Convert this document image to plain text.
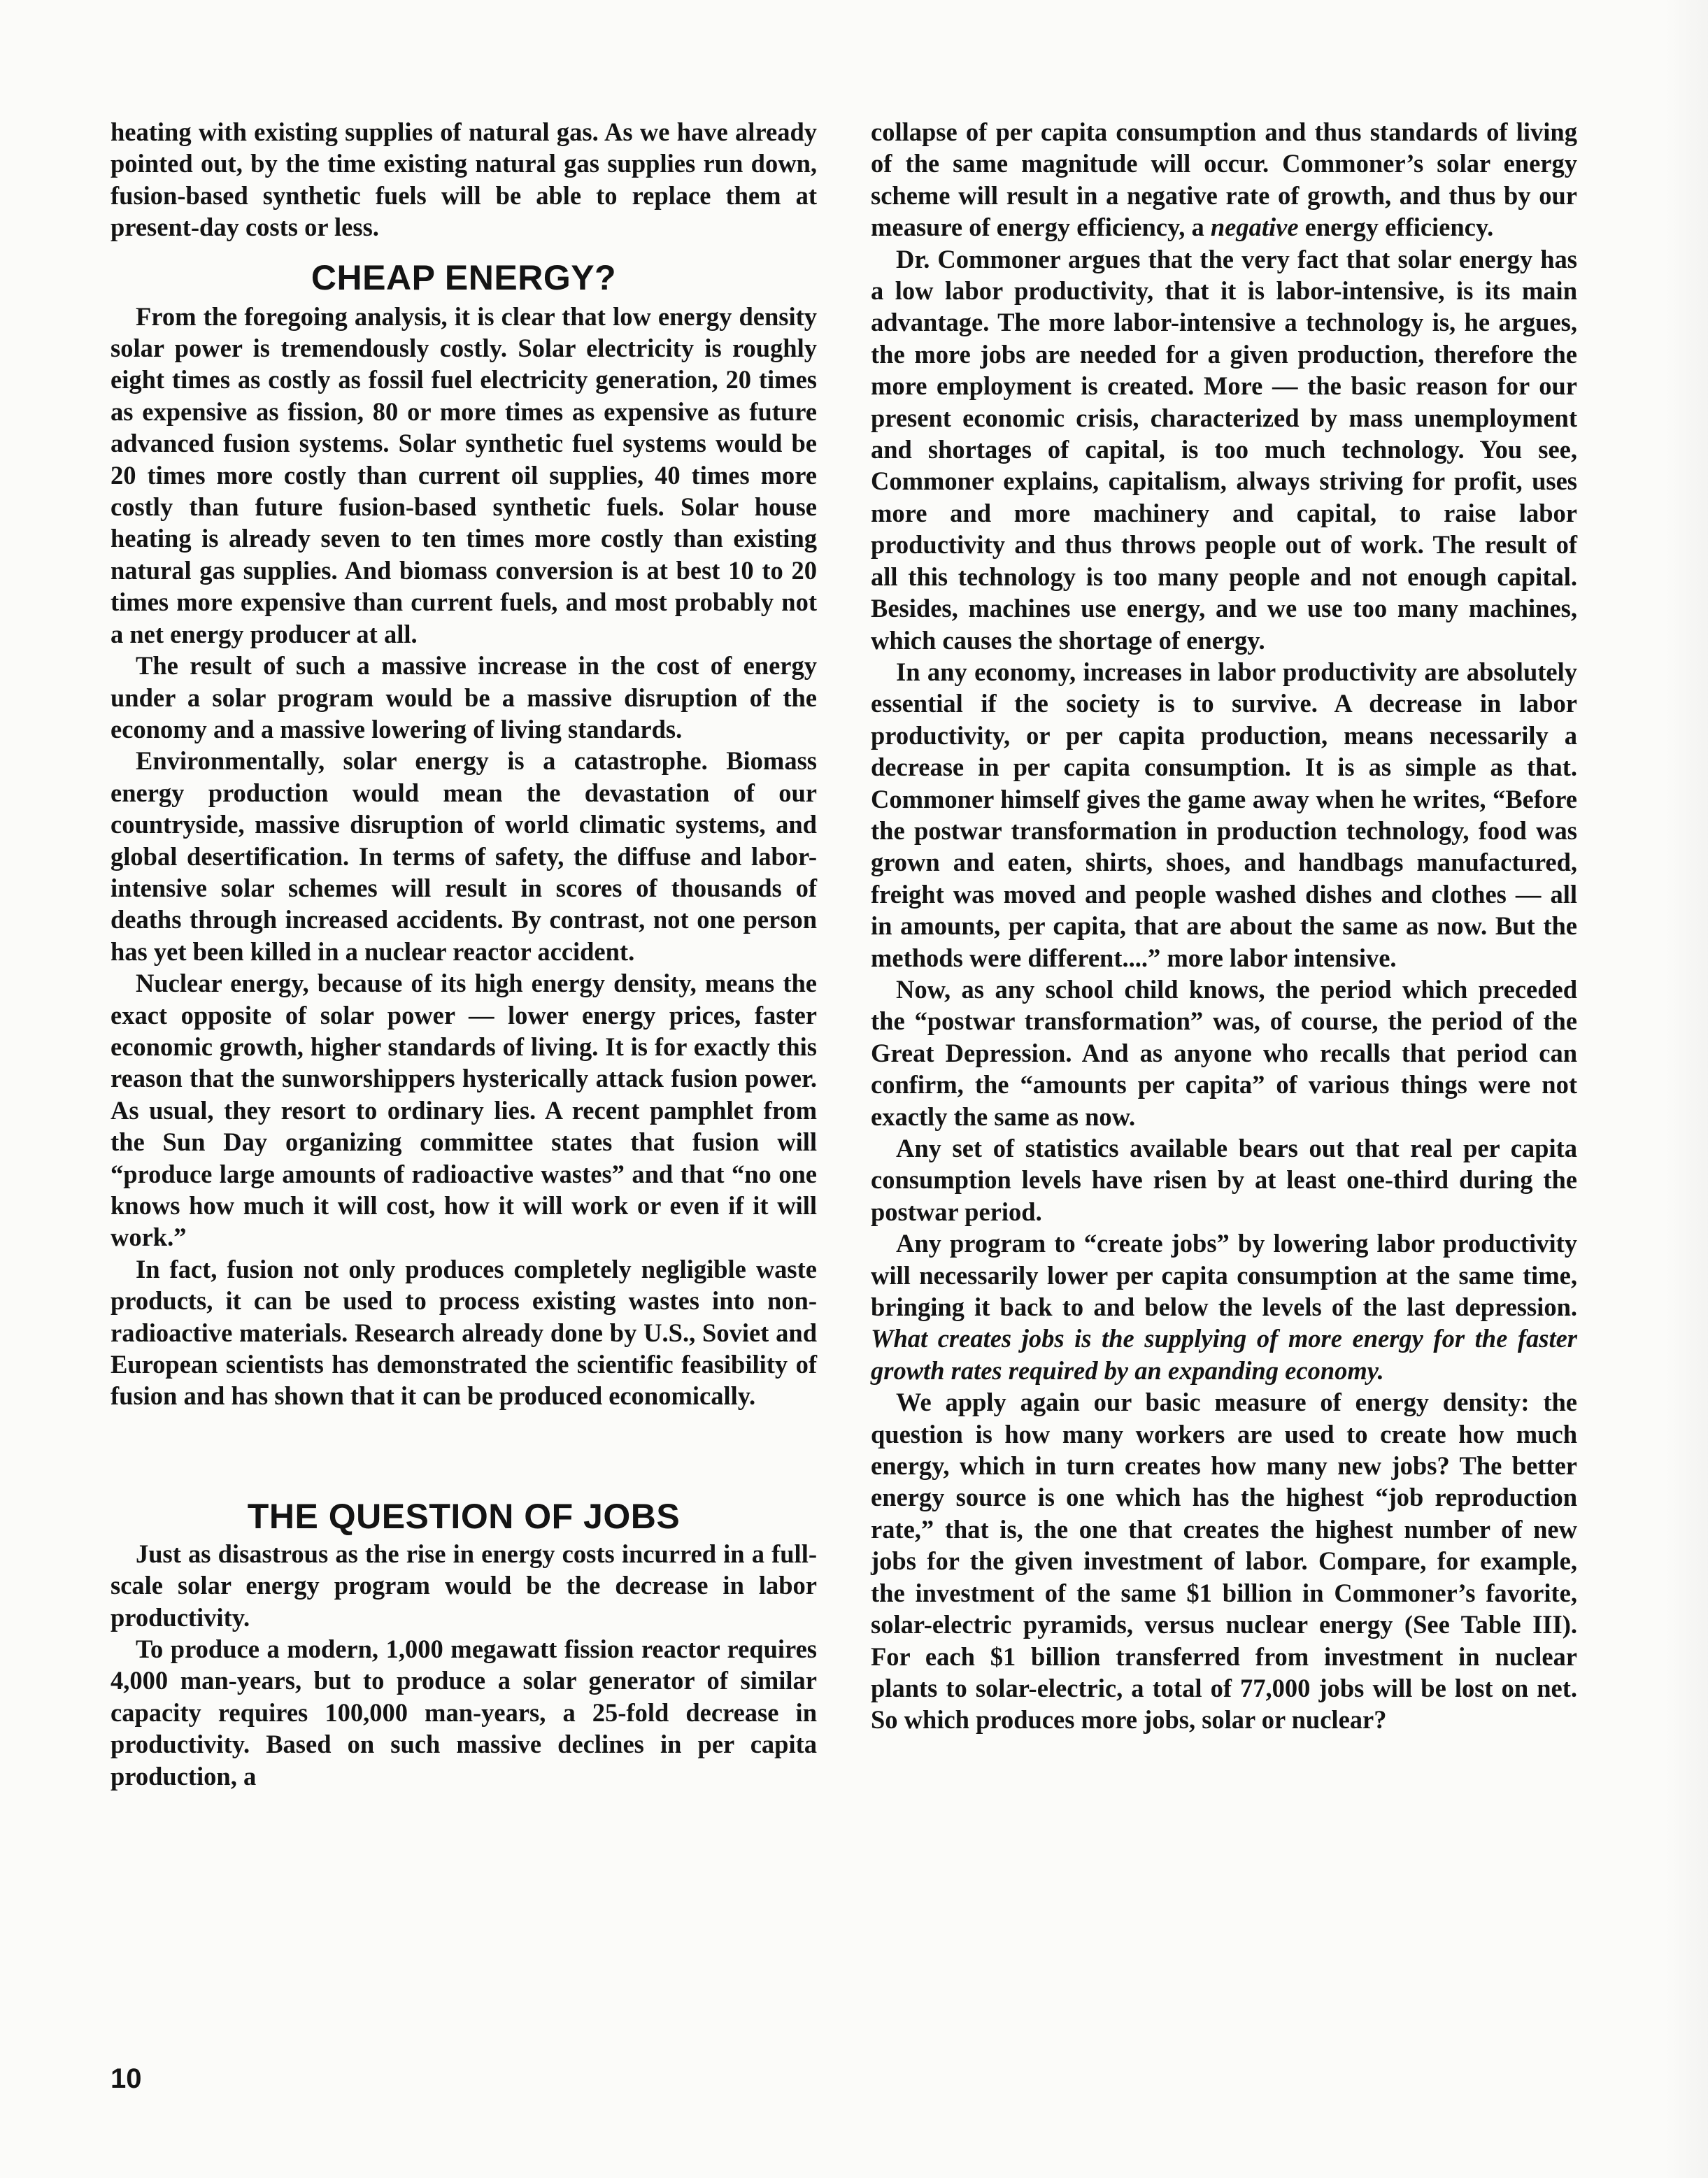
heating with existing supplies of natural gas. As we have already pointed out, by the time existing natural gas supplies run down, fusion-based synthetic fuels will be able to replace them at present-day costs or less.

CHEAP ENERGY?

From the foregoing analysis, it is clear that low energy density solar power is tremendously costly. Solar electricity is roughly eight times as costly as fossil fuel electricity generation, 20 times as expensive as fission, 80 or more times as expensive as future advanced fusion systems. Solar synthetic fuel systems would be 20 times more costly than current oil supplies, 40 times more costly than future fusion-based synthetic fuels. Solar house heating is already seven to ten times more costly than existing natural gas supplies. And biomass conversion is at best 10 to 20 times more expensive than current fuels, and most probably not a net energy producer at all.

The result of such a massive increase in the cost of energy under a solar program would be a massive disruption of the economy and a massive lowering of living standards.

Environmentally, solar energy is a catastrophe. Biomass energy production would mean the devastation of our countryside, massive disruption of world climatic systems, and global desertification. In terms of safety, the diffuse and labor-intensive solar schemes will result in scores of thousands of deaths through increased accidents. By contrast, not one person has yet been killed in a nuclear reactor accident.

Nuclear energy, because of its high energy density, means the exact opposite of solar power — lower energy prices, faster economic growth, higher standards of living. It is for exactly this reason that the sunworshippers hysterically attack fusion power. As usual, they resort to ordinary lies. A recent pamphlet from the Sun Day organizing committee states that fusion will “produce large amounts of radioactive wastes” and that “no one knows how much it will cost, how it will work or even if it will work.”

In fact, fusion not only produces completely negligible waste products, it can be used to process existing wastes into non-radioactive materials. Research already done by U.S., Soviet and European scientists has demonstrated the scientific feasibility of fusion and has shown that it can be produced economically.

THE QUESTION OF JOBS

Just as disastrous as the rise in energy costs incurred in a full-scale solar energy program would be the decrease in labor productivity.

To produce a modern, 1,000 megawatt fission reactor requires 4,000 man-years, but to produce a solar generator of similar capacity requires 100,000 man-years, a 25-fold decrease in productivity. Based on such massive declines in per capita production, a

collapse of per capita consumption and thus standards of living of the same magnitude will occur. Commoner’s solar energy scheme will result in a negative rate of growth, and thus by our measure of energy efficiency, a negative energy efficiency.

Dr. Commoner argues that the very fact that solar energy has a low labor productivity, that it is labor-intensive, is its main advantage. The more labor-intensive a technology is, he argues, the more jobs are needed for a given production, therefore the more employment is created. More — the basic reason for our present economic crisis, characterized by mass unemployment and shortages of capital, is too much technology. You see, Commoner explains, capitalism, always striving for profit, uses more and more machinery and capital, to raise labor productivity and thus throws people out of work. The result of all this technology is too many people and not enough capital. Besides, machines use energy, and we use too many machines, which causes the shortage of energy.

In any economy, increases in labor productivity are absolutely essential if the society is to survive. A decrease in labor productivity, or per capita production, means necessarily a decrease in per capita consumption. It is as simple as that. Commoner himself gives the game away when he writes, “Before the postwar transformation in production technology, food was grown and eaten, shirts, shoes, and handbags manufactured, freight was moved and people washed dishes and clothes — all in amounts, per capita, that are about the same as now. But the methods were different....” more labor intensive.

Now, as any school child knows, the period which preceded the “postwar transformation” was, of course, the period of the Great Depression. And as anyone who recalls that period can confirm, the “amounts per capita” of various things were not exactly the same as now.

Any set of statistics available bears out that real per capita consumption levels have risen by at least one-third during the postwar period.

Any program to “create jobs” by lowering labor productivity will necessarily lower per capita consumption at the same time, bringing it back to and below the levels of the last depression. What creates jobs is the supplying of more energy for the faster growth rates required by an expanding economy.

We apply again our basic measure of energy density: the question is how many workers are used to create how much energy, which in turn creates how many new jobs? The better energy source is one which has the highest “job reproduction rate,” that is, the one that creates the highest number of new jobs for the given investment of labor. Compare, for example, the investment of the same $1 billion in Commoner’s favorite, solar-electric pyramids, versus nuclear energy (See Table III). For each $1 billion transferred from investment in nuclear plants to solar-electric, a total of 77,000 jobs will be lost on net. So which produces more jobs, solar or nuclear?

10
